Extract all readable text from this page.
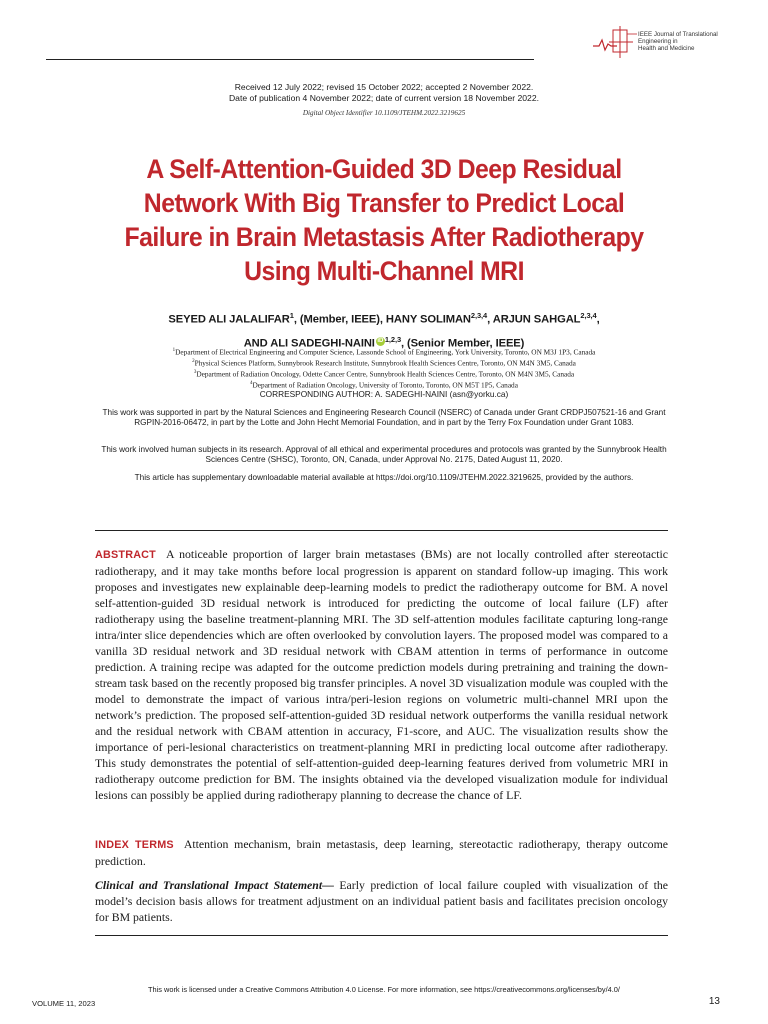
IEEE Journal of Translational
Engineering in
Health and Medicine
Received 12 July 2022; revised 15 October 2022; accepted 2 November 2022.
Date of publication 4 November 2022; date of current version 18 November 2022.
Digital Object Identifier 10.1109/JTEHM.2022.3219625
A Self-Attention-Guided 3D Deep Residual
Network With Big Transfer to Predict Local
Failure in Brain Metastasis After Radiotherapy
Using Multi-Channel MRI
SEYED ALI JALALIFAR$^1$, (Member, IEEE), HANY SOLIMAN$^{2,3,4}$, ARJUN SAHGAL$^{2,3,4}$,
AND ALI SADEGHI-NAINI iD $^{1,2,3}$, (Senior Member, IEEE)
$^1$Department of Electrical Engineering and Computer Science, Lassonde School of Engineering, York University, Toronto, ON M3J 1P3, Canada
$^2$Physical Sciences Platform, Sunnybrook Research Institute, Sunnybrook Health Sciences Centre, Toronto, ON M4N 3M5, Canada
$^3$Department of Radiation Oncology, Odette Cancer Centre, Sunnybrook Health Sciences Centre, Toronto, ON M4N 3M5, Canada
$^4$Department of Radiation Oncology, University of Toronto, Toronto, ON M5T 1P5, Canada
CORRESPONDING AUTHOR: A. SADEGHI-NAINI (asn@yorku.ca)
This work was supported in part by the Natural Sciences and Engineering Research Council (NSERC) of Canada under Grant CRDPJ507521-16 and Grant RGPIN-2016-06472, in part by the Lotte and John Hecht Memorial Foundation, and in part by the Terry Fox Foundation under Grant 1083.
This work involved human subjects in its research. Approval of all ethical and experimental procedures and protocols was granted by the Sunnybrook Health Sciences Centre (SHSC), Toronto, ON, Canada, under Approval No. 2175, Dated August 11, 2020.
This article has supplementary downloadable material available at https://doi.org/10.1109/JTEHM.2022.3219625, provided by the authors.
ABSTRACT A noticeable proportion of larger brain metastases (BMs) are not locally controlled after stereotactic radiotherapy, and it may take months before local progression is apparent on standard follow-up imaging. This work proposes and investigates new explainable deep-learning models to predict the radiotherapy outcome for BM. A novel self-attention-guided 3D residual network is introduced for predicting the outcome of local failure (LF) after radiotherapy using the baseline treatment-planning MRI. The 3D self-attention modules facilitate capturing long-range intra/inter slice dependencies which are often overlooked by convolution layers. The proposed model was compared to a vanilla 3D residual network and 3D residual network with CBAM attention in terms of performance in outcome prediction. A training recipe was adapted for the outcome prediction models during pretraining and training the down-stream task based on the recently proposed big transfer principles. A novel 3D visualization module was coupled with the model to demonstrate the impact of various intra/peri-lesion regions on volumetric multi-channel MRI upon the network’s prediction. The proposed self-attention-guided 3D residual network outperforms the vanilla residual network and the residual network with CBAM attention in accuracy, F1-score, and AUC. The visualization results show the importance of peri-lesional characteristics on treatment-planning MRI in predicting local outcome after radiotherapy. This study demonstrates the potential of self-attention-guided deep-learning features derived from volumetric MRI in radiotherapy outcome prediction for BM. The insights obtained via the developed visualization module for individual lesions can possibly be applied during radiotherapy planning to decrease the chance of LF.
INDEX TERMS Attention mechanism, brain metastasis, deep learning, stereotactic radiotherapy, therapy outcome prediction.
Clinical and Translational Impact Statement— Early prediction of local failure coupled with visualization of the model’s decision basis allows for treatment adjustment on an individual patient basis and facilitates precision oncology for BM patients.
This work is licensed under a Creative Commons Attribution 4.0 License. For more information, see https://creativecommons.org/licenses/by/4.0/
VOLUME 11, 2023	13
